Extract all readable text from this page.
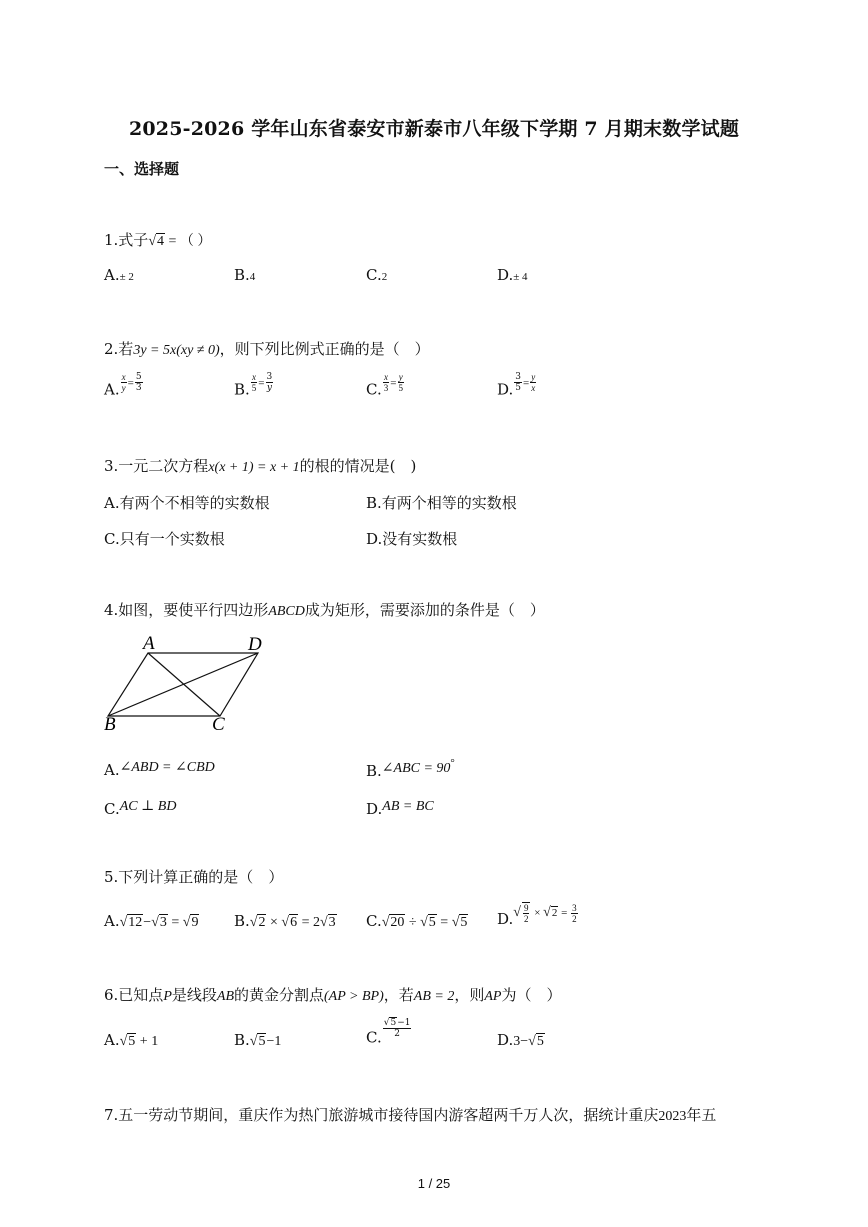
2025-2026 学年山东省泰安市新泰市八年级下学期 7 月期末数学试题
一、选择题
1.式子√4 = （ ）
A.± 2	B.4	C.2	D.± 4
2.若3y = 5x(xy ≠ 0)，则下列比例式正确的是（　）
A. $\frac{x}{y} = \frac{5}{3}$	B. $\frac{x}{5} = \frac{3}{y}$	C. $\frac{x}{3} = \frac{y}{5}$	D. $\frac{3}{5} = \frac{y}{x}$
3.一元二次方程x(x + 1) = x + 1的根的情况是(　)
A.有两个不相等的实数根	B.有两个相等的实数根
C.只有一个实数根	D.没有实数根
4.如图，要使平行四边形ABCD成为矩形，需要添加的条件是（　）
A	D
B	C
A.∠ABD = ∠CBD	B.∠ABC = 90°
C.AC ⊥ BD	D.AB = BC
5.下列计算正确的是（　）
A.√12−√3 = √9 B.√2 × √6 = 2√3 C.√20 ÷ √5 = √5 $D.√ \frac{9}{2} \times √2 = \frac{3}{2}$
6.已知点P是线段AB的黄金分割点(AP > BP)，若AB = 2，则AP为（　）
A.√5 + 1	B.√5−1	C. $\frac{√5-1}{2}$
D.3−√5
7.五一劳动节期间，重庆作为热门旅游城市接待国内游客超两千万人次，据统计重庆2023年五
1 / 25
